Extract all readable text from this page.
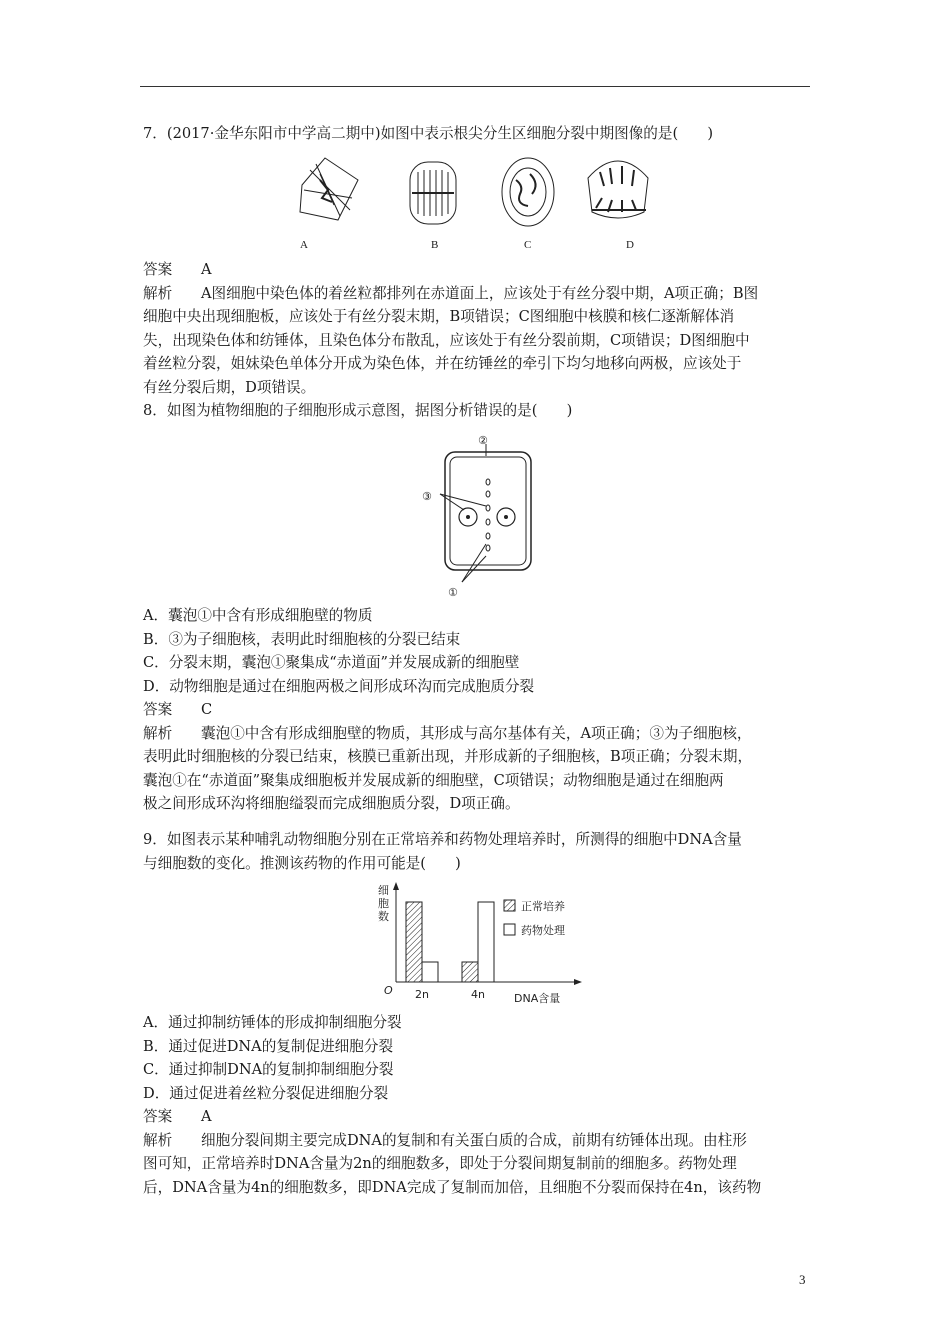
7．(2017·金华东阳市中学高二期中)如图中表示根尖分生区细胞分裂中期图像的是(　　)
A	B	C	D
答案 A
解析 A图细胞中染色体的着丝粒都排列在赤道面上，应该处于有丝分裂中期，A项正确；B图
细胞中央出现细胞板，应该处于有丝分裂末期，B项错误；C图细胞中核膜和核仁逐渐解体消
失，出现染色体和纺锤体，且染色体分布散乱，应该处于有丝分裂前期，C项错误；D图细胞中
着丝粒分裂，姐妹染色单体分开成为染色体，并在纺锤丝的牵引下均匀地移向两极，应该处于
有丝分裂后期，D项错误。
8．如图为植物细胞的子细胞形成示意图，据图分析错误的是(　　)
②
③
①
A．囊泡①中含有形成细胞壁的物质
B．③为子细胞核，表明此时细胞核的分裂已结束
C．分裂末期，囊泡①聚集成“赤道面”并发展成新的细胞壁
D．动物细胞是通过在细胞两极之间形成环沟而完成胞质分裂
答案 C
解析 囊泡①中含有形成细胞壁的物质，其形成与高尔基体有关，A项正确；③为子细胞核，
表明此时细胞核的分裂已结束，核膜已重新出现，并形成新的子细胞核，B项正确；分裂末期，
囊泡①在“赤道面”聚集成细胞板并发展成新的细胞壁，C项错误；动物细胞是通过在细胞两
极之间形成环沟将细胞缢裂而完成细胞质分裂，D项正确。
9．如图表示某种哺乳动物细胞分别在正常培养和药物处理培养时，所测得的细胞中DNA含量
与细胞数的变化。推测该药物的作用可能是(　　)
细
胞
数
O 2n	4n	DNA含量
正常培养
药物处理
A．通过抑制纺锤体的形成抑制细胞分裂
B．通过促进DNA的复制促进细胞分裂
C．通过抑制DNA的复制抑制细胞分裂
D．通过促进着丝粒分裂促进细胞分裂
答案 A
解析 细胞分裂间期主要完成DNA的复制和有关蛋白质的合成，前期有纺锤体出现。由柱形
图可知，正常培养时DNA含量为2n的细胞数多，即处于分裂间期复制前的细胞多。药物处理
后，DNA含量为4n的细胞数多，即DNA完成了复制而加倍，且细胞不分裂而保持在4n，该药物
3
